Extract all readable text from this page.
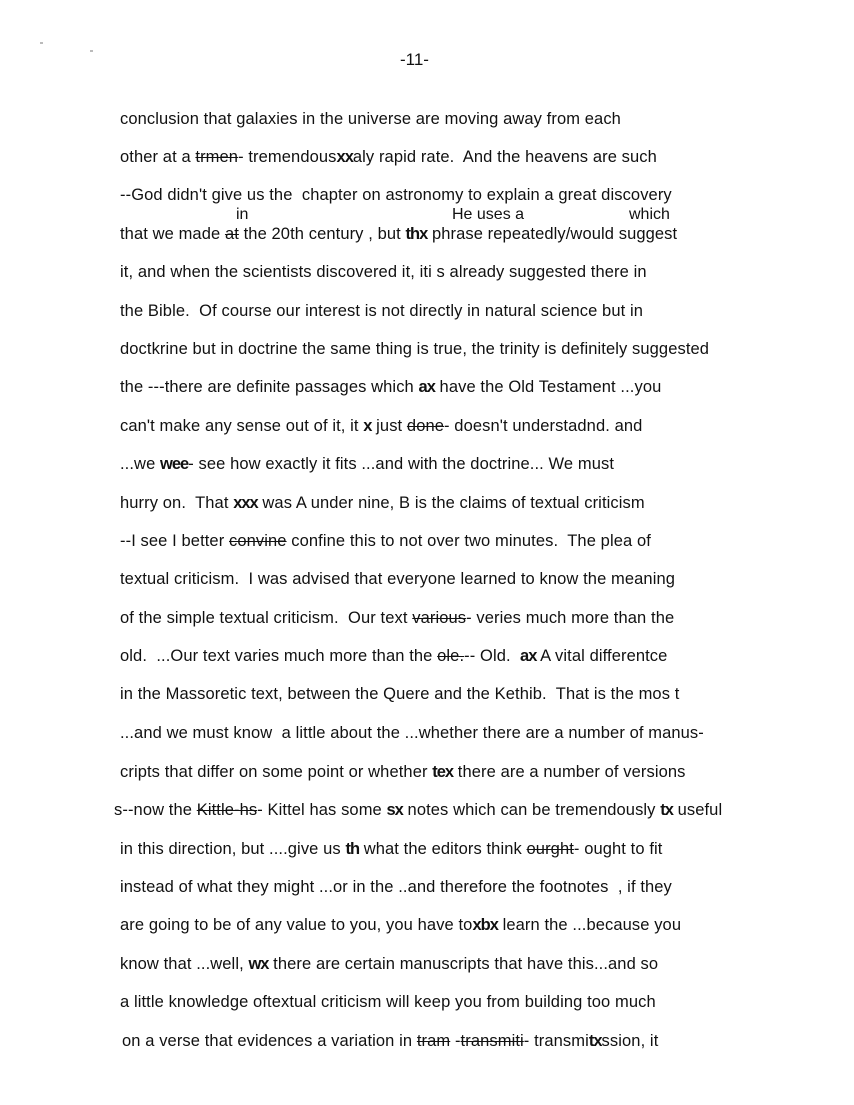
-11-
in	He uses a	which
conclusion that galaxies in the universe are moving away from each
other at a trmen- tremendousxxaly rapid rate.  And the heavens are such
--God didn't give us the  chapter on astronomy to explain a great discovery
that we made at the 20th century , but thx phrase repeatedly/would suggest
it, and when the scientists discovered it, iti s already suggested there in
the Bible.  Of course our interest is not directly in natural science but in
doctkrine but in doctrine the same thing is true, the trinity is definitely suggested
the ---there are definite passages which ax have the Old Testament ...you
can't make any sense out of it, it x just done- doesn't understadnd. and
...we wee- see how exactly it fits ...and with the doctrine... We must
hurry on.  That xxx was A under nine, B is the claims of textual criticism
--I see I better convine confine this to not over two minutes.  The plea of
textual criticism.  I was advised that everyone learned to know the meaning
of the simple textual criticism.  Our text various- veries much more than the
old.  ...Our text varies much more than the ole.-- Old.  ax A vital differentce
in the Massoretic text, between the Quere and the Kethib.  That is the mos t
...and we must know  a little about the ...whether there are a number of manus-
cripts that differ on some point or whether tex there are a number of versions
s--now the Kittle-hs- Kittel has some sx notes which can be tremendously tx useful
in this direction, but ....give us th what the editors think ourght- ought to fit
instead of what they might ...or in the ..and therefore the footnotes  , if they
are going to be of any value to you, you have toxbx learn the ...because you
know that ...well, wx there are certain manuscripts that have this...and so
a little knowledge oftextual criticism will keep you from building too much
on a verse that evidences a variation in tram -transmiti- transmitxssion, it
